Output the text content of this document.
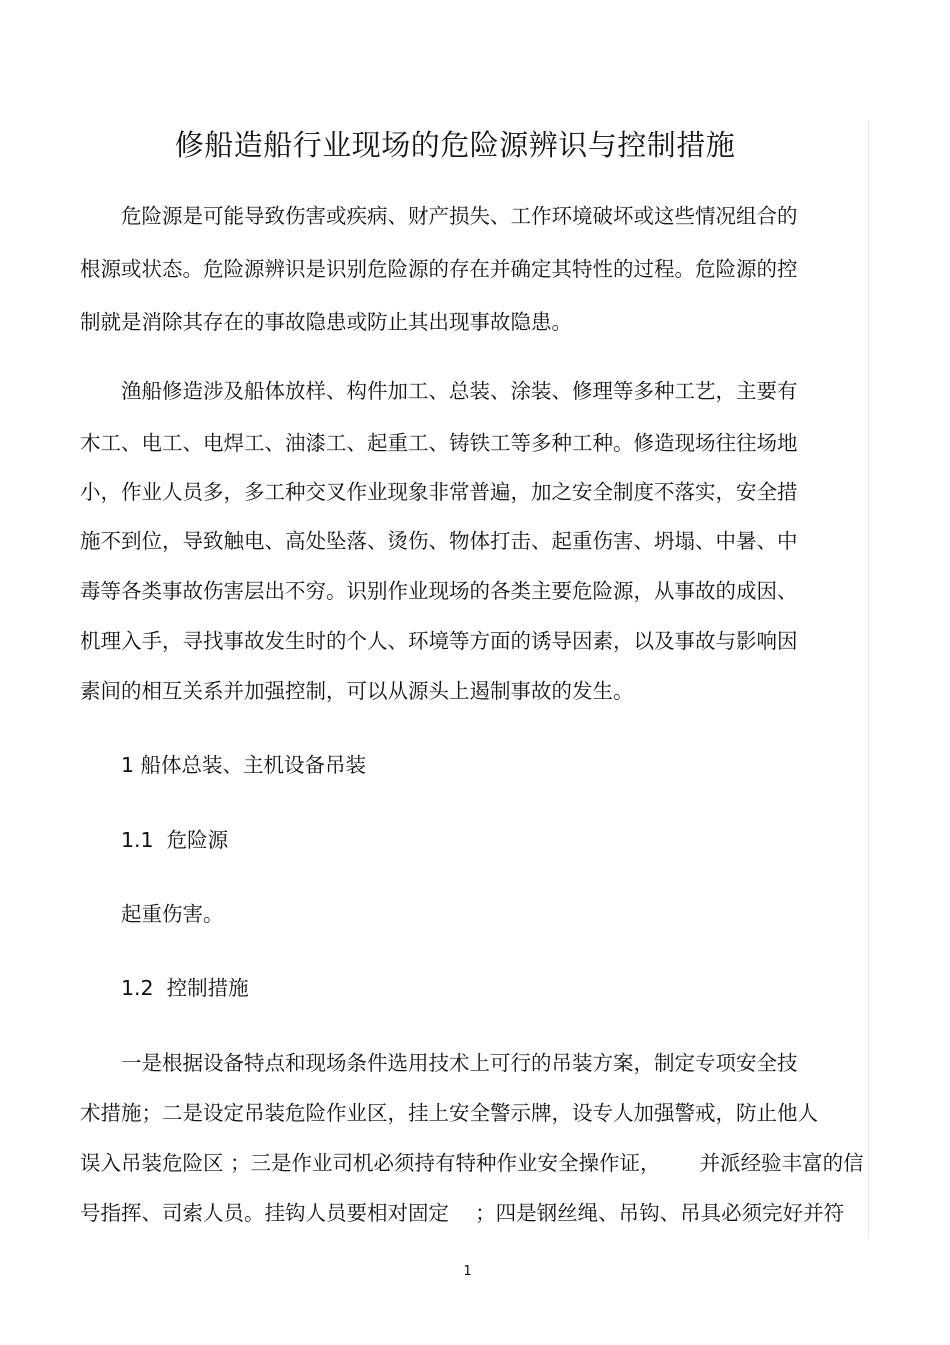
修船造船行业现场的危险源辨识与控制措施
危险源是可能导致伤害或疾病、财产损失、工作环境破坏或这些情况组合的
根源或状态。危险源辨识是识别危险源的存在并确定其特性的过程。危险源的控
制就是消除其存在的事故隐患或防止其出现事故隐患。
渔船修造涉及船体放样、构件加工、总装、涂装、修理等多种工艺，主要有
木工、电工、电焊工、油漆工、起重工、铸铁工等多种工种。修造现场往往场地
小，作业人员多，多工种交叉作业现象非常普遍，加之安全制度不落实，安全措
施不到位，导致触电、高处坠落、烫伤、物体打击、起重伤害、坍塌、中暑、中
毒等各类事故伤害层出不穷。识别作业现场的各类主要危险源，从事故的成因、
机理入手，寻找事故发生时的个人、环境等方面的诱导因素，以及事故与影响因
素间的相互关系并加强控制，可以从源头上遏制事故的发生。
1 船体总装、主机设备吊装
1.1  危险源
起重伤害。
1.2  控制措施
一是根据设备特点和现场条件选用技术上可行的吊装方案，制定专项安全技
术措施；二是设定吊装危险作业区，挂上安全警示牌，设专人加强警戒，防止他人
误入吊装危险区 ；三是作业司机必须持有特种作业安全操作证，      并派经验丰富的信
号指挥、司索人员。挂钩人员要相对固定    ；四是钢丝绳、吊钩、吊具必须完好并符
1
